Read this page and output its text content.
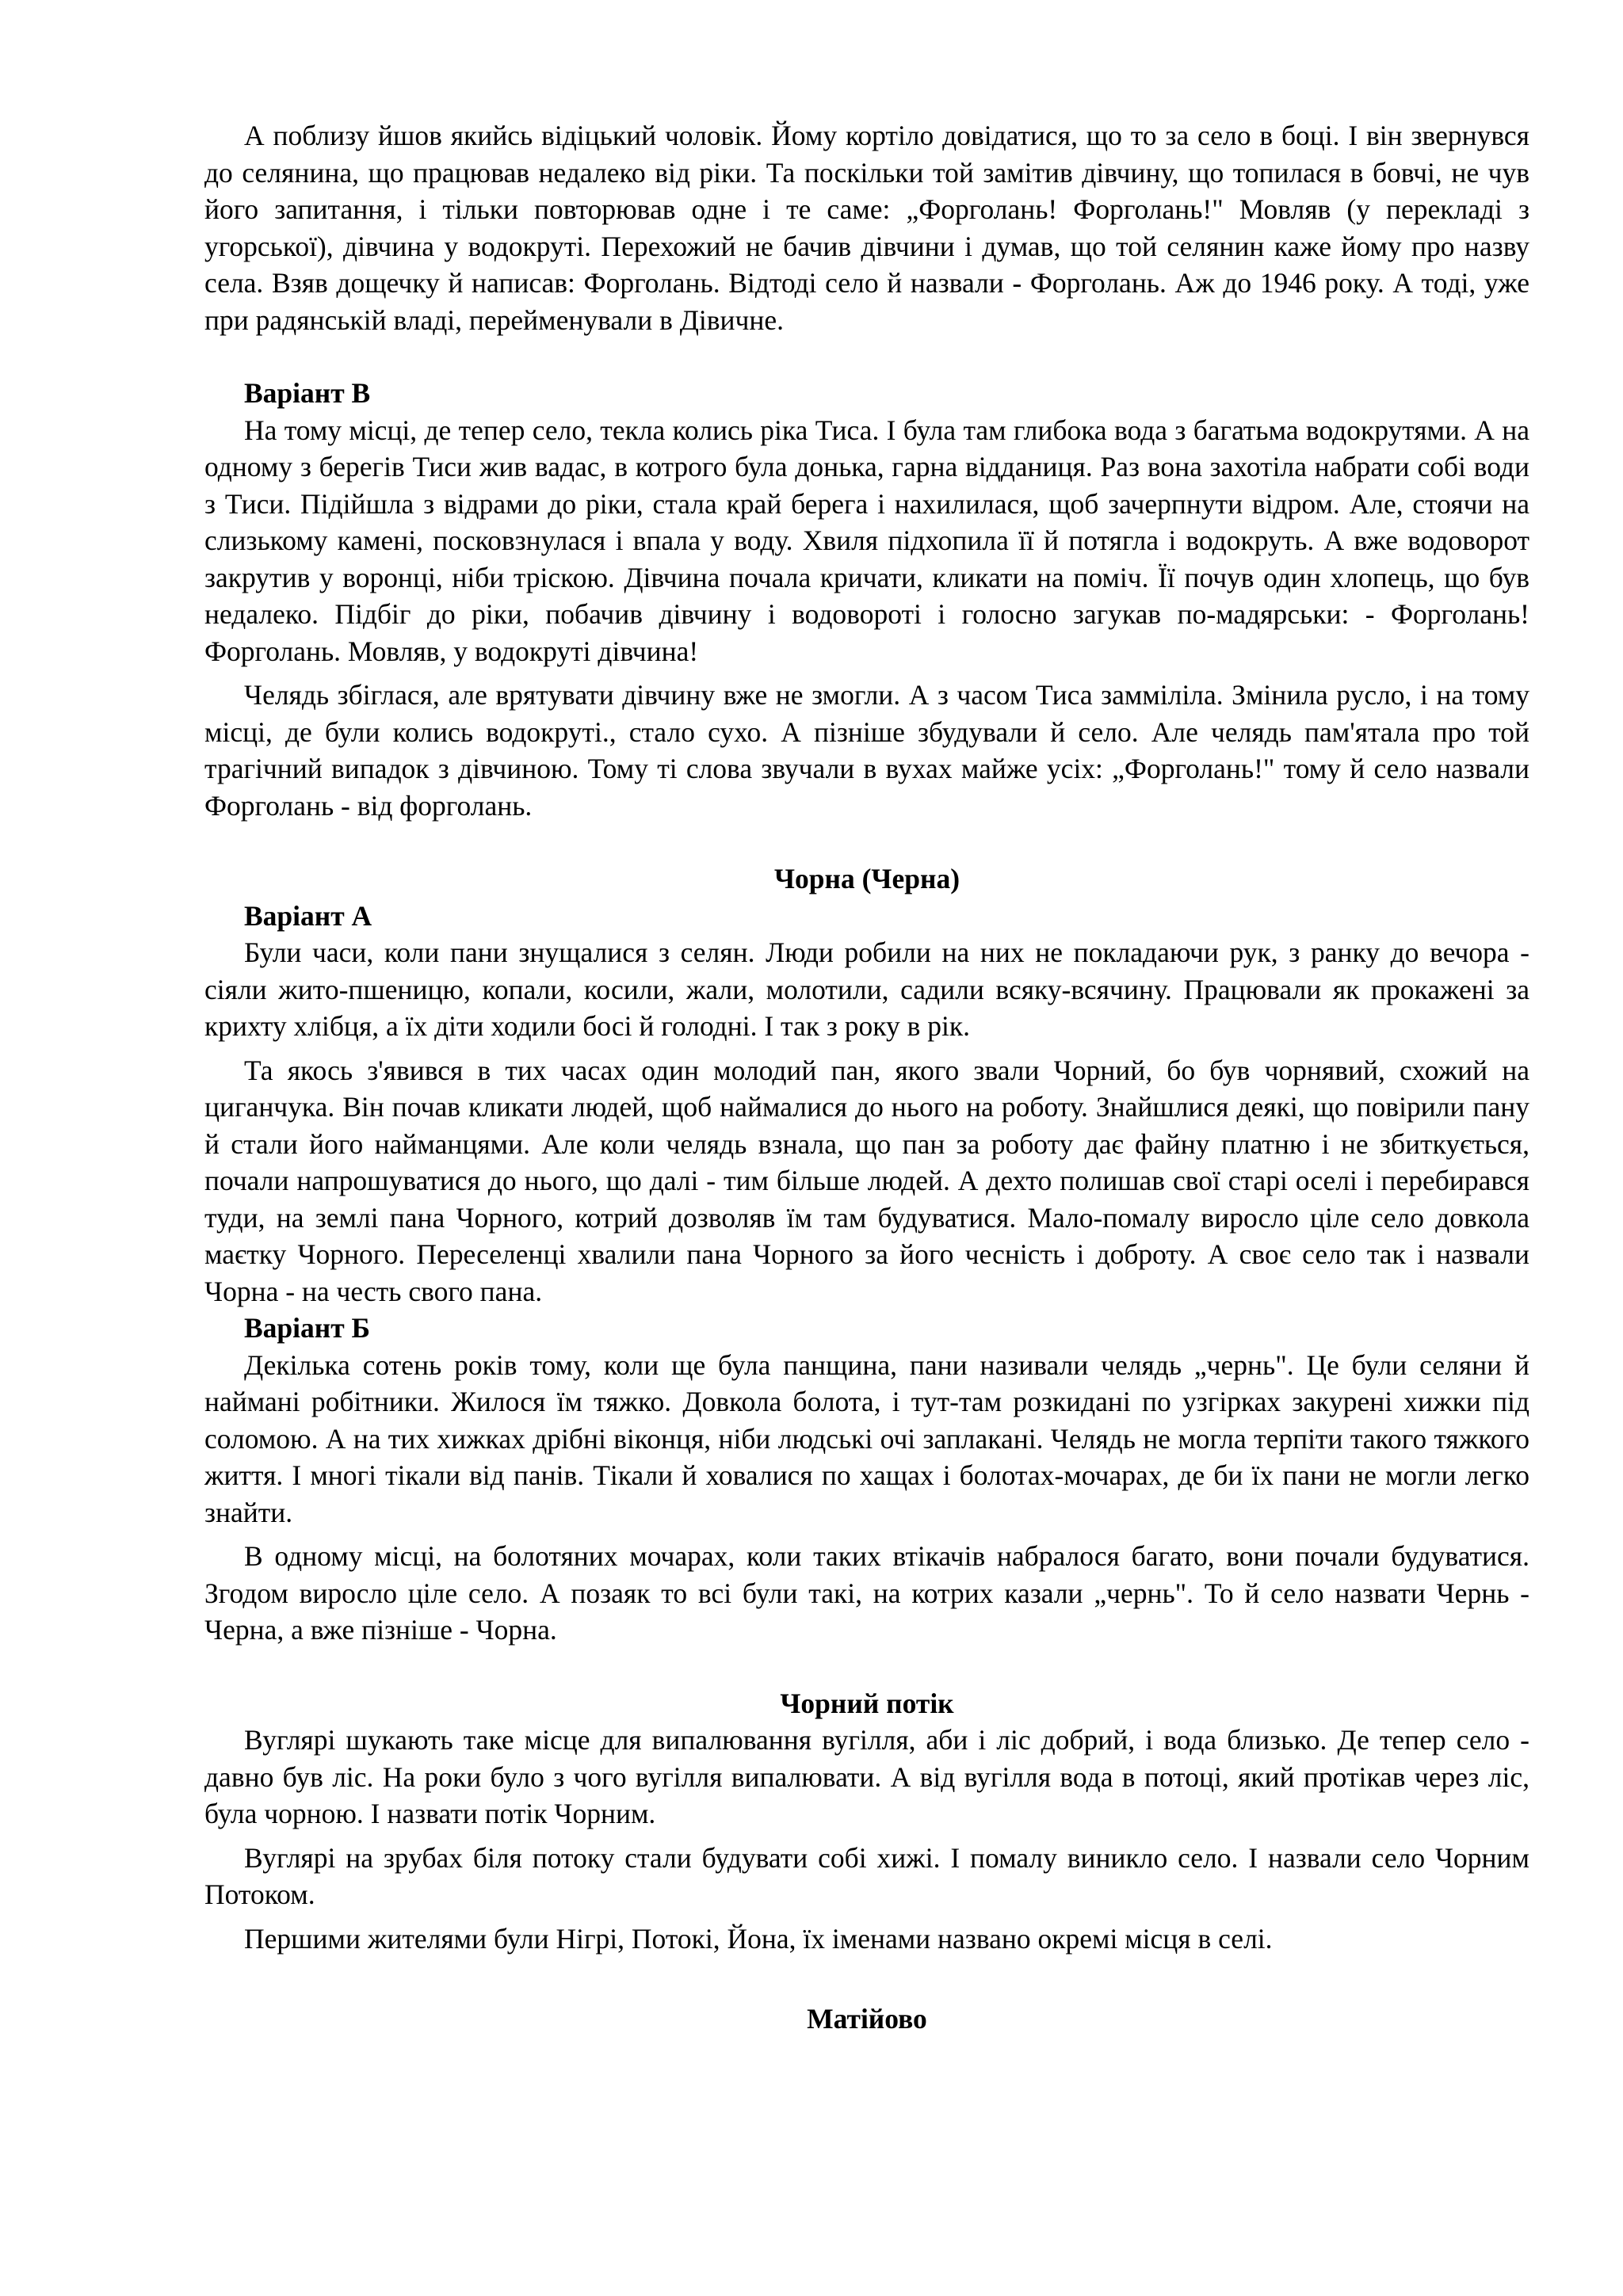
А поблизу йшов якийсь відіцький чоловік. Йому кортіло довідатися, що то за село в боці. І він звернувся до селянина, що працював недалеко від ріки. Та поскільки той замітив дівчину, що топилася в бовчі, не чув його запитання, і тільки повторював одне і те саме: „Форголань! Форголань!" Мовляв (у перекладі з угорської), дівчина у водокруті. Перехожий не бачив дівчини і думав, що той селянин каже йому про назву села. Взяв дощечку й написав: Форголань. Відтоді село й назвали - Форголань. Аж до 1946 року. А тоді, уже при радянській владі, перейменували в Дівичне.

Варіант В

На тому місці, де тепер село, текла колись ріка Тиса. І була там глибока вода з багатьма водокрутями. А на одному з берегів Тиси жив вадас, в котрого була донька, гарна відданиця. Раз вона захотіла набрати собі води з Тиси. Підійшла з відрами до ріки, стала край берега і нахилилася, щоб зачерпнути відром. Але, стоячи на слизькому камені, посковзнулася і впала у воду. Хвиля підхопила її й потягла і водокруть. А вже водоворот закрутив у воронці, ніби тріскою. Дівчина почала кричати, кликати на поміч. Її почув один хлопець, що був недалеко. Підбіг до ріки, побачив дівчину і водовороті і голосно загукав по-мадярськи: - Форголань! Форголань. Мовляв, у водокруті дівчина!

Челядь збіглася, але врятувати дівчину вже не змогли. А з часом Тиса замміліла. Змінила русло, і на тому місці, де були колись водокруті., стало сухо. А пізніше збудували й село. Але челядь пам'ятала про той трагічний випадок з дівчиною. Тому ті слова звучали в вухах майже усіх: „Форголань!" тому й село назвали Форголань - від форголань.

Чорна (Черна)
Варіант А

Були часи, коли пани знущалися з селян. Люди робили на них не покладаючи рук, з ранку до вечора - сіяли жито-пшеницю, копали, косили, жали, молотили, садили всяку-всячину. Працювали як прокажені за крихту хлібця, а їх діти ходили босі й голодні. І так з року в рік.

Та якось з'явився в тих часах один молодий пан, якого звали Чорний, бо був чорнявий, схожий на циганчука. Він почав кликати людей, щоб наймалися до нього на роботу. Знайшлися деякі, що повірили пану й стали його найманцями. Але коли челядь взнала, що пан за роботу дає файну платню і не збиткується, почали напрошуватися до нього, що далі - тим більше людей. А дехто полишав свої старі оселі і перебирався туди, на землі пана Чорного, котрий дозволяв їм там будуватися. Мало-помалу виросло ціле село довкола маєтку Чорного. Переселенці хвалили пана Чорного за його чесність і доброту. А своє село так і назвали Чорна - на честь свого пана.

Варіант Б

Декілька сотень років тому, коли ще була панщина, пани називали челядь „чернь". Це були селяни й наймані робітники. Жилося їм тяжко. Довкола болота, і тут-там розкидані по узгірках закурені хижки під соломою. А на тих хижках дрібні віконця, ніби людські очі заплакані. Челядь не могла терпіти такого тяжкого життя. І многі тікали від панів. Тікали й ховалися по хащах і болотах-мочарах, де би їх пани не могли легко знайти.

В одному місці, на болотяних мочарах, коли таких втікачів набралося багато, вони почали будуватися. Згодом виросло ціле село. А позаяк то всі були такі, на котрих казали „чернь". То й село назвати Чернь - Черна, а вже пізніше - Чорна.

Чорний потік

Вуглярі шукають таке місце для випалювання вугілля, аби і ліс добрий, і вода близько. Де тепер село - давно був ліс. На роки було з чого вугілля випалювати. А від вугілля вода в потоці, який протікав через ліс, була чорною. І назвати потік Чорним.

Вуглярі на зрубах біля потоку стали будувати собі хижі. І помалу виникло село. І назвали село Чорним Потоком.

Першими жителями були Нігрі, Потокі, Йона, їх іменами названо окремі місця в селі.

Матійово
